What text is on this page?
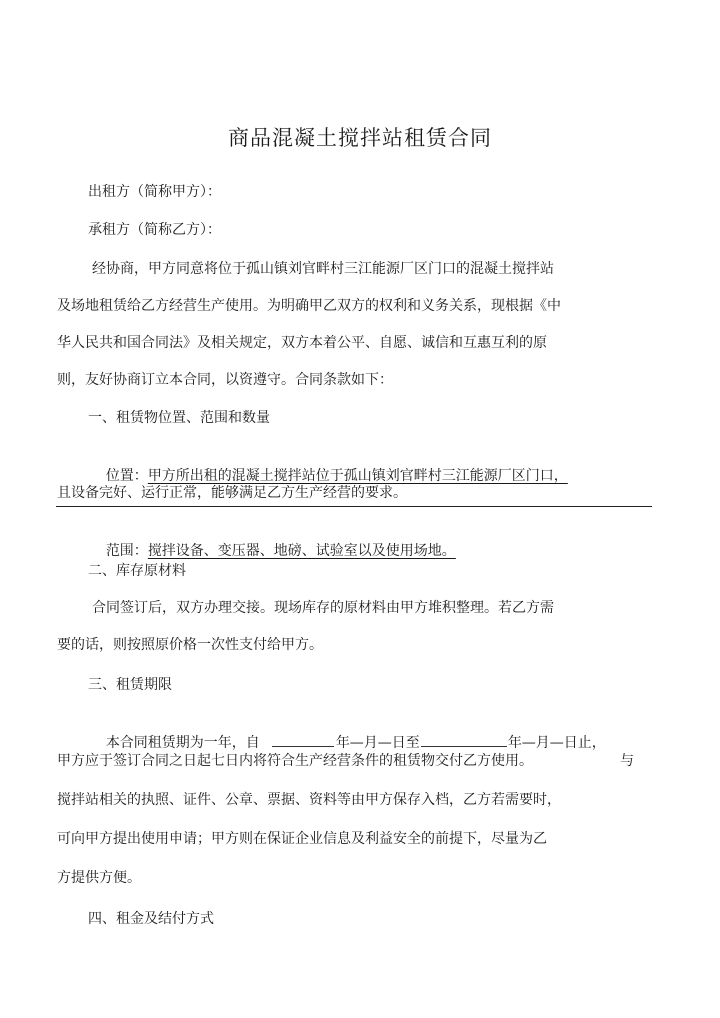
商品混凝土搅拌站租赁合同
出租方（简称甲方）：
承租方（简称乙方）：
经协商，甲方同意将位于孤山镇刘官畔村三江能源厂区门口的混凝土搅拌站
及场地租赁给乙方经营生产使用。为明确甲乙双方的权利和义务关系，现根据《中
华人民共和国合同法》及相关规定，双方本着公平、自愿、诚信和互惠互利的原
则，友好协商订立本合同，以资遵守。合同条款如下：
一、租赁物位置、范围和数量

位置：甲方所出租的混凝土搅拌站位于孤山镇刘官畔村三江能源厂区门口，

且设备完好、运行正常，能够满足乙方生产经营的要求。

范围：搅拌设备、变压器、地磅、试验室以及使用场地。

二、库存原材料
合同签订后，双方办理交接。现场库存的原材料由甲方堆积整理。若乙方需
要的话，则按照原价格一次性支付给甲方。
三、租赁期限

本合同租赁期为一年，自	年—月—日至	年—月—日止，

甲方应于签订合同之日起七日内将符合生产经营条件的租赁物交付乙方使用。	与
搅拌站相关的执照、证件、公章、票据、资料等由甲方保存入档，乙方若需要时，
可向甲方提出使用申请；甲方则在保证企业信息及利益安全的前提下，尽量为乙
方提供方便。
四、租金及结付方式
